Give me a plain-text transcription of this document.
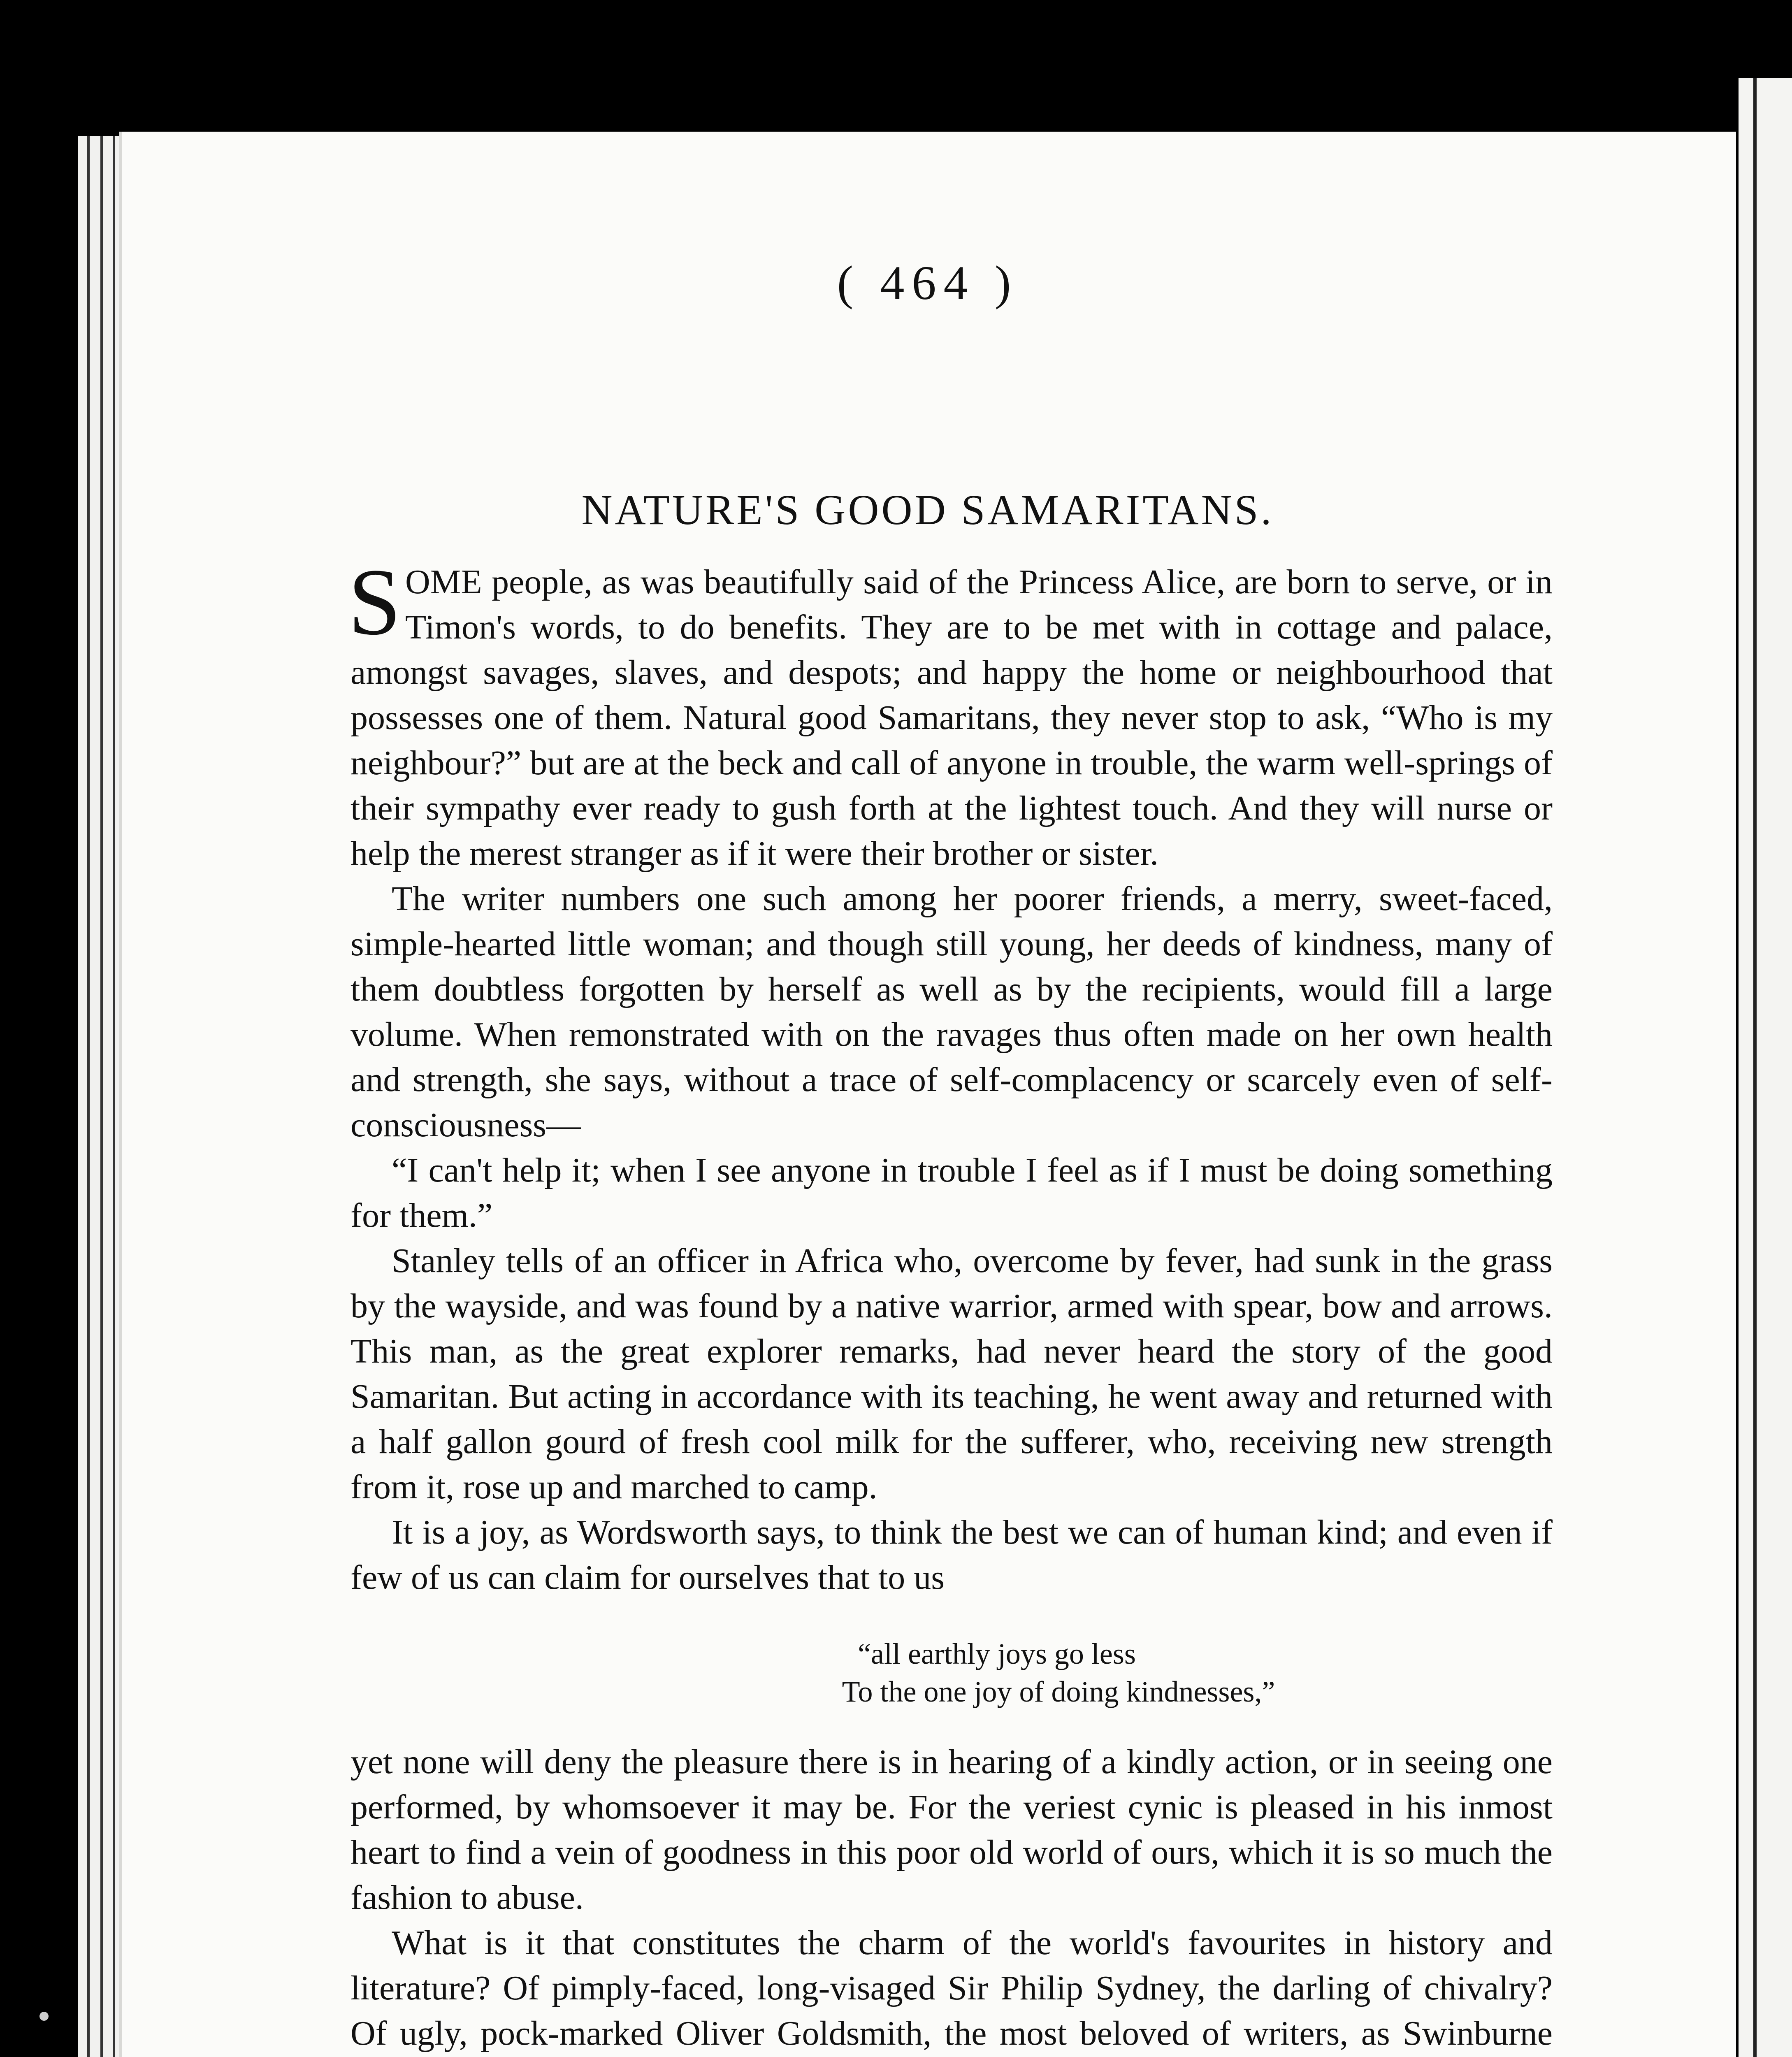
( 464 )
NATURE'S GOOD SAMARITANS.

SOME people, as was beautifully said of the Princess Alice, are born to serve, or in Timon's words, to do benefits. They are to be met with in cottage and palace, amongst savages, slaves, and despots; and happy the home or neighbourhood that possesses one of them. Natural good Samaritans, they never stop to ask, “Who is my neighbour?” but are at the beck and call of anyone in trouble, the warm well-springs of their sympathy ever ready to gush forth at the lightest touch. And they will nurse or help the merest stranger as if it were their brother or sister.

The writer numbers one such among her poorer friends, a merry, sweet-faced, simple-hearted little woman; and though still young, her deeds of kindness, many of them doubtless forgotten by herself as well as by the recipients, would fill a large volume. When remonstrated with on the ravages thus often made on her own health and strength, she says, without a trace of self-complacency or scarcely even of self-consciousness—

“I can't help it; when I see anyone in trouble I feel as if I must be doing something for them.”

Stanley tells of an officer in Africa who, overcome by fever, had sunk in the grass by the wayside, and was found by a native warrior, armed with spear, bow and arrows. This man, as the great explorer remarks, had never heard the story of the good Samaritan. But acting in accordance with its teaching, he went away and returned with a half gallon gourd of fresh cool milk for the sufferer, who, receiving new strength from it, rose up and marched to camp.

It is a joy, as Wordsworth says, to think the best we can of human kind; and even if few of us can claim for ourselves that to us

“all earthly joys go less
To the one joy of doing kindnesses,”

yet none will deny the pleasure there is in hearing of a kindly action, or in seeing one performed, by whomsoever it may be. For the veriest cynic is pleased in his inmost heart to find a vein of goodness in this poor old world of ours, which it is so much the fashion to abuse.

What is it that constitutes the charm of the world's favourites in history and literature? Of pimply-faced, long-visaged Sir Philip Sydney, the darling of chivalry? Of ugly, pock-marked Oliver Goldsmith, the most beloved of writers, as Swinburne
